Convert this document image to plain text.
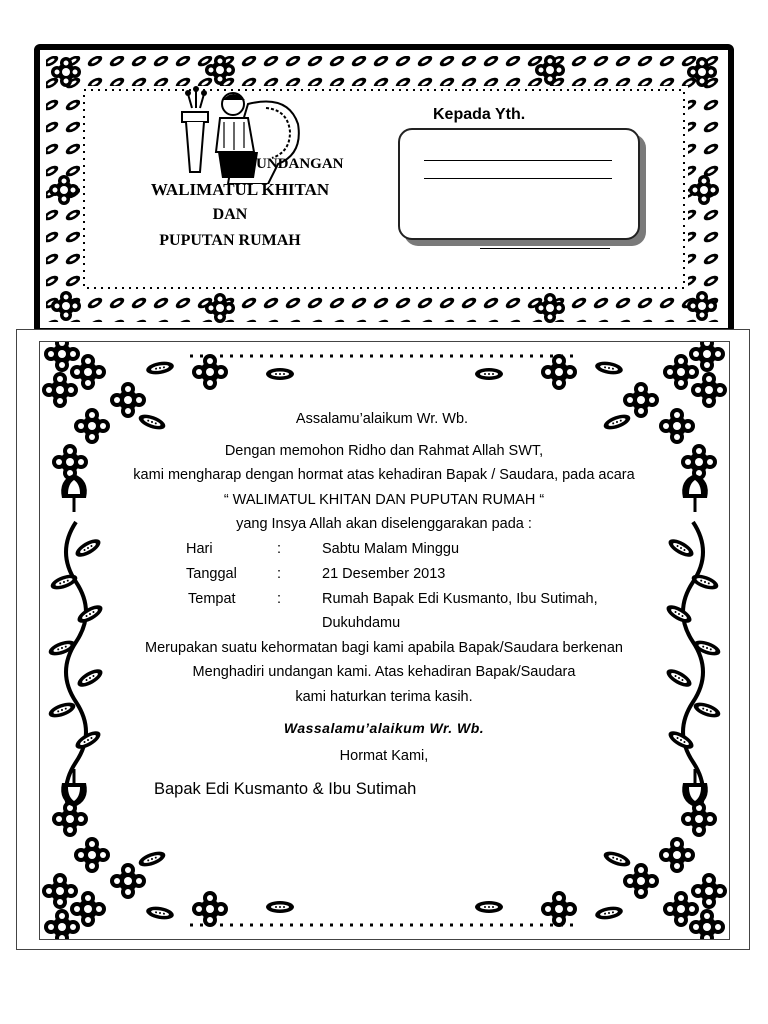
UNDANGAN
WALIMATUL KHITAN
DAN
PUPUTAN RUMAH
Kepada Yth.
Assalamu’alaikum Wr. Wb.
Dengan memohon Ridho dan Rahmat Allah SWT,
kami mengharap dengan hormat atas kehadiran Bapak / Saudara, pada acara
“ WALIMATUL KHITAN DAN PUPUTAN RUMAH “
yang Insya Allah akan diselenggarakan pada :
Hari	:	Sabtu Malam Minggu
Tanggal	:	21 Desember 2013
Tempat	:	Rumah Bapak Edi Kusmanto, Ibu Sutimah,
Dukuhdamu
Merupakan suatu kehormatan bagi kami apabila Bapak/Saudara berkenan
Menghadiri undangan kami. Atas kehadiran Bapak/Saudara
kami haturkan terima kasih.
Wassalamu’alaikum Wr. Wb.
Hormat Kami,
Bapak Edi Kusmanto & Ibu Sutimah
